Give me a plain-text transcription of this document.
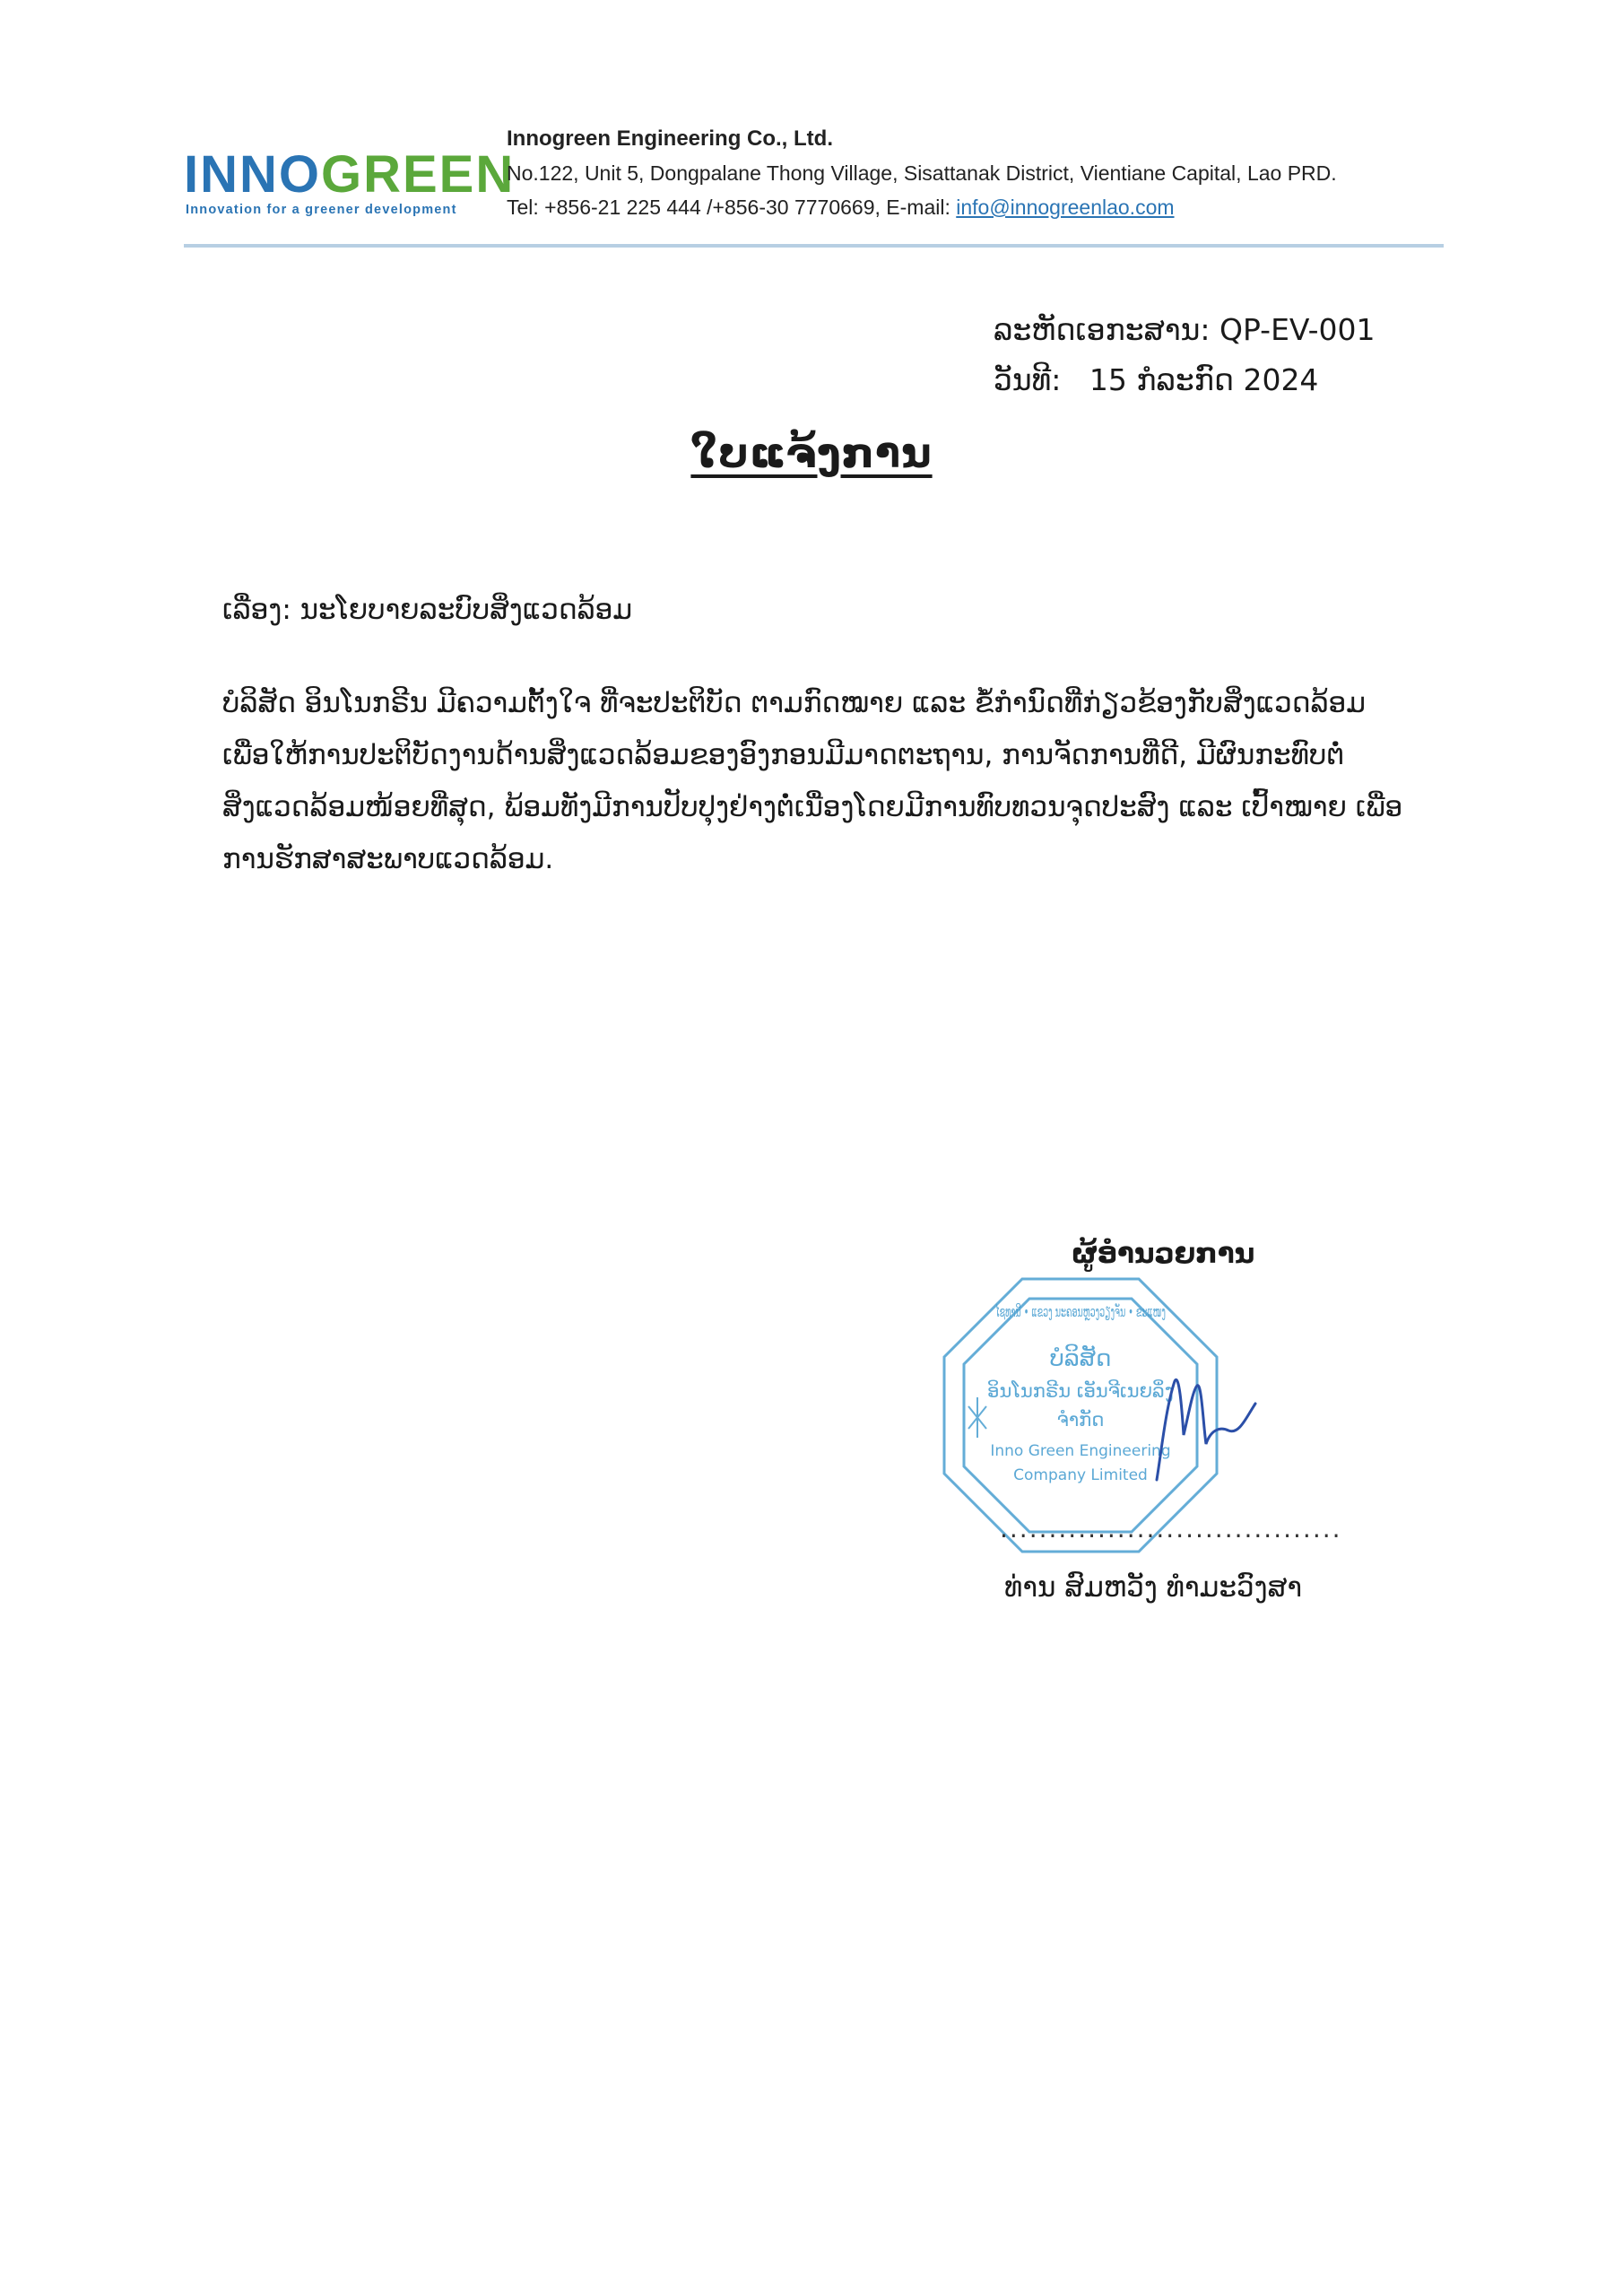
INNOGREEN
Innovation for a greener development
Innogreen Engineering Co., Ltd.
No.122, Unit 5, Dongpalane Thong Village, Sisattanak District, Vientiane Capital, Lao PRD.
Tel: +856-21 225 444 /+856-30 7770669, E-mail: info@innogreenlao.com
ລະຫັດເອກະສານ: QP-EV-001
ວັນທີ: 15 ກໍລະກົດ 2024
ໃບແຈ້ງການ
ເລື່ອງ: ນະໂຍບາຍລະບົບສິ່ງແວດລ້ອມ
ບໍລິສັດ ອິນໂນກຣີນ ມີຄວາມຕັ້ງໃຈ ທີ່ຈະປະຕິບັດ ຕາມກົດໝາຍ ແລະ ຂໍ້ກຳນົດທີ່ກ່ຽວຂ້ອງກັບສິ່ງແວດລ້ອມ
ເພື່ອໃຫ້ການປະຕິບັດງານດ້ານສິ່ງແວດລ້ອມຂອງອົງກອນມີມາດຕະຖານ, ການຈັດການທີ່ດີ, ມີຜົນກະທົບຕໍ່
ສິ່ງແວດລ້ອມໜ້ອຍທີ່ສຸດ, ພ້ອມທັງມີການປັບປຸງຢ່າງຕໍ່ເນື່ອງໂດຍມີການທົບທວນຈຸດປະສົງ ແລະ ເປົ້າໝາຍ ເພື່ອ
ການຮັກສາສະພາບແວດລ້ອມ.
ຜູ້ອຳນວຍການ
ບໍລິສັດ
ອິນໂນກຣີນ ເອັນຈີເນຍລິ່ງ
ຈຳກັດ
Inno Green Engineering
Company Limited
ໄຊທານີ • ແຂວງ ນະຄອນຫຼວງວຽງຈັນ • ຂະແໜງ
...................................
ທ່ານ ສົມຫວັງ ທຳມະວົງສາ
